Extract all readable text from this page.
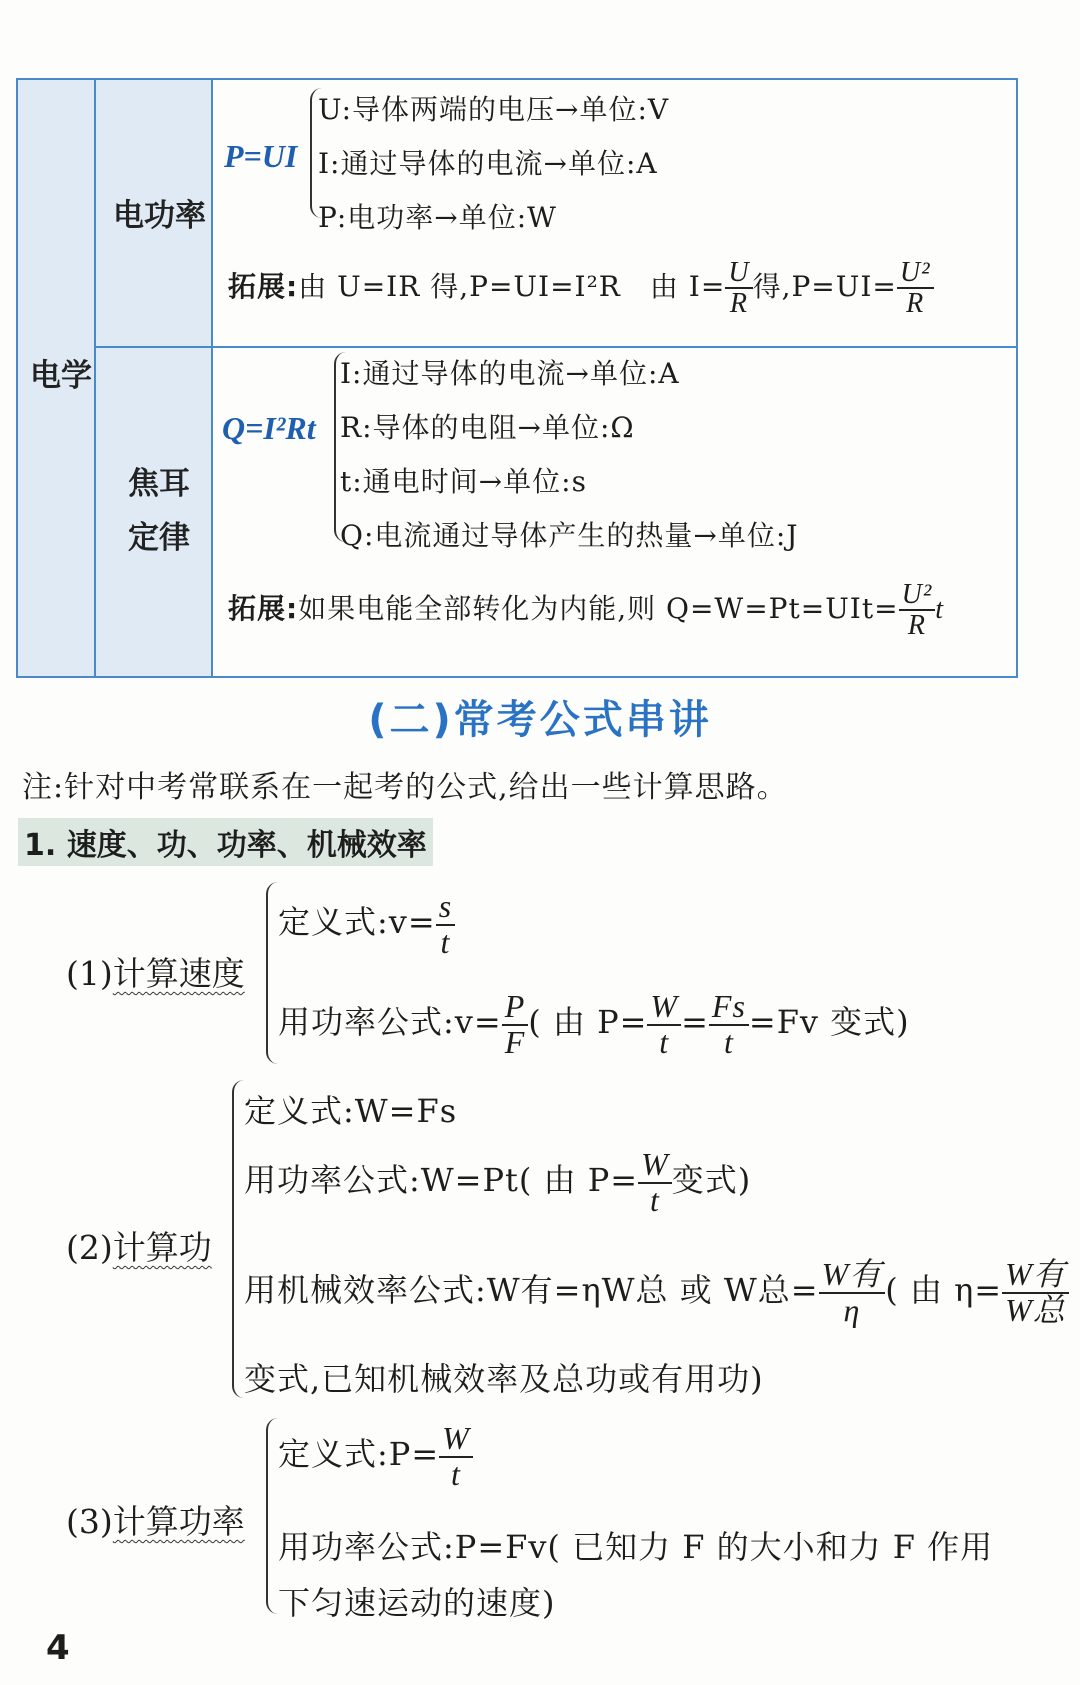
电学
电功率
焦耳
定律
P=UI
U:导体两端的电压→单位:V
I:通过导体的电流→单位:A
P:电功率→单位:W
拓展:由 U=IR 得,P=UI=I²R　由 $I= \frac{U}{R}$ 得$,P=UI= \frac{\text{U²}}{R}$
Q=I²Rt
I:通过导体的电流→单位:A
R:导体的电阻→单位:Ω
t:通电时间→单位:s
Q:电流通过导体产生的热量→单位:J
拓展:如果电能全部转化为内能,则 $Q=W=Pt=UIt= \frac{\text{U²}}{R}$ t
(二)常考公式串讲
注:针对中考常联系在一起考的公式,给出一些计算思路。
1. 速度、功、功率、机械效率
(1)计算速度
定义式:v= $\frac{s}{t}$
用功率公式:v= $\frac{P}{F}$ ( 由 $P= \frac{W}{t} = \frac{Fs}{t} =Fv$ 变式)
(2)计算功
定义式:W=Fs
用功率公式:W=Pt( 由 $P= \frac{W}{t}$ 变式)
用机械效率公式:W有=ηW总 或 W总= $\frac{\text{W有}}{\eta}$ ( 由 $\eta= \frac{\text{W有}}{\text{W总}}$
变式,已知机械效率及总功或有用功)
(3)计算功率
定义式:P= $\frac{W}{t}$
用功率公式:P=Fv( 已知力 F 的大小和力 F 作用
下匀速运动的速度)
4
